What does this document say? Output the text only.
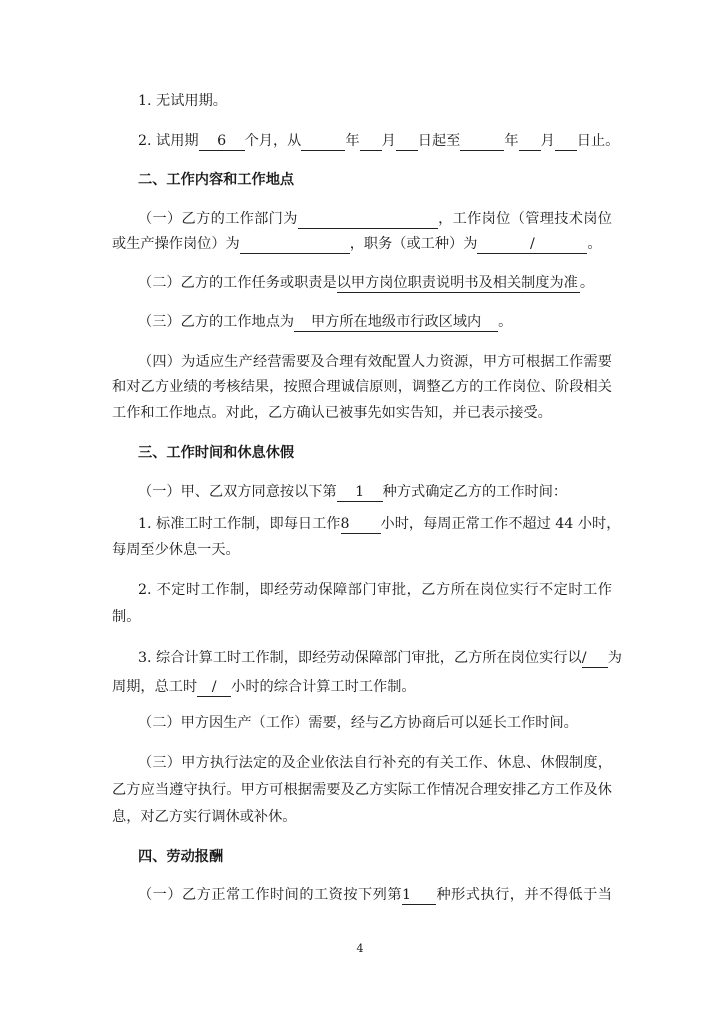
1. 无试用期。
2. 试用期 6 个月，从	年 月 日起至	年 月 日止。
二、工作内容和工作地点
（一）乙方的工作部门为	，工作岗位（管理技术岗位
或生产操作岗位）为	，职务（或工种）为	/	。
（二）乙方的工作任务或职责是以甲方岗位职责说明书及相关制度为准 。
（三）乙方的工作地点为 甲方所在地级市行政区域内 。
（四）为适应生产经营需要及合理有效配置人力资源，甲方可根据工作需要
和对乙方业绩的考核结果，按照合理诚信原则，调整乙方的工作岗位、阶段相关
工作和工作地点。对此，乙方确认已被事先如实告知，并已表示接受。
三、工作时间和休息休假
（一）甲、乙双方同意按以下第 1 种方式确定乙方的工作时间：
1. 标准工时工作制，即每日工作8 小时，每周正常工作不超过 44 小时，
每周至少休息一天。
2. 不定时工作制，即经劳动保障部门审批，乙方所在岗位实行不定时工作
制。
3. 综合计算工时工作制，即经劳动保障部门审批，乙方所在岗位实行以/ 为
周期，总工时 / 小时的综合计算工时工作制。
（二）甲方因生产（工作）需要，经与乙方协商后可以延长工作时间。
（三）甲方执行法定的及企业依法自行补充的有关工作、休息、休假制度，
乙方应当遵守执行。甲方可根据需要及乙方实际工作情况合理安排乙方工作及休
息，对乙方实行调休或补休。
四、劳动报酬
（一）乙方正常工作时间的工资按下列第1 种形式执行，并不得低于当
4
